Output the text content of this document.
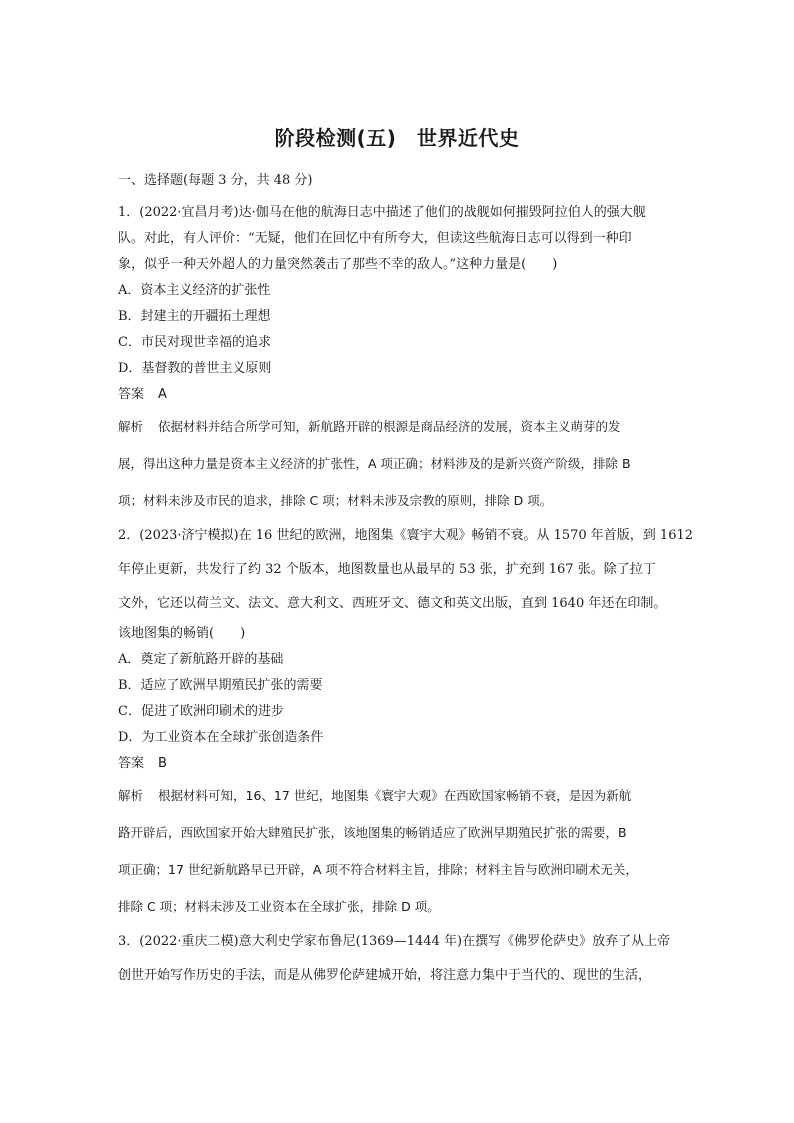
阶段检测(五)　世界近代史
一、选择题(每题 3 分，共 48 分)
1．(2022·宜昌月考)达·伽马在他的航海日志中描述了他们的战舰如何摧毁阿拉伯人的强大舰
队。对此，有人评价：“无疑，他们在回忆中有所夸大，但读这些航海日志可以得到一种印
象，似乎一种天外超人的力量突然袭击了那些不幸的敌人。”这种力量是(　　)
A．资本主义经济的扩张性
B．封建主的开疆拓土理想
C．市民对现世幸福的追求
D．基督教的普世主义原则
答案 A
解析 依据材料并结合所学可知，新航路开辟的根源是商品经济的发展，资本主义萌芽的发
展，得出这种力量是资本主义经济的扩张性，A 项正确；材料涉及的是新兴资产阶级，排除 B
项；材料未涉及市民的追求，排除 C 项；材料未涉及宗教的原则，排除 D 项。
2．(2023·济宁模拟)在 16 世纪的欧洲，地图集《寰宇大观》畅销不衰。从 1570 年首版，到 1612
年停止更新，共发行了约 32 个版本，地图数量也从最早的 53 张，扩充到 167 张。除了拉丁
文外，它还以荷兰文、法文、意大利文、西班牙文、德文和英文出版，直到 1640 年还在印制。
该地图集的畅销(　　)
A．奠定了新航路开辟的基础
B．适应了欧洲早期殖民扩张的需要
C．促进了欧洲印刷术的进步
D．为工业资本在全球扩张创造条件
答案 B
解析 根据材料可知，16、17 世纪，地图集《寰宇大观》在西欧国家畅销不衰，是因为新航
路开辟后，西欧国家开始大肆殖民扩张，该地图集的畅销适应了欧洲早期殖民扩张的需要，B
项正确；17 世纪新航路早已开辟，A 项不符合材料主旨，排除；材料主旨与欧洲印刷术无关，
排除 C 项；材料未涉及工业资本在全球扩张，排除 D 项。
3．(2022·重庆二模)意大利史学家布鲁尼(1369—1444 年)在撰写《佛罗伦萨史》放弃了从上帝
创世开始写作历史的手法，而是从佛罗伦萨建城开始，将注意力集中于当代的、现世的生活，
